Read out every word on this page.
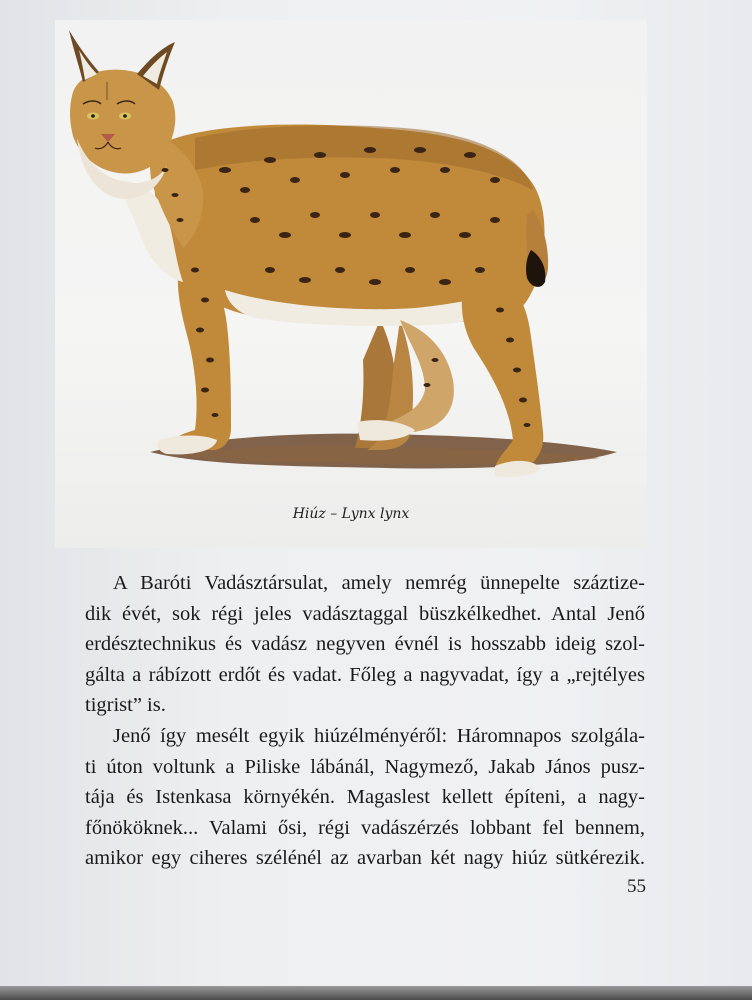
Hiúz – Lynx lynx
A Baróti Vadásztársulat, amely nemrég ünnepelte száztize-
dik évét, sok régi jeles vadásztaggal büszkélkedhet. Antal Jenő
erdésztechnikus és vadász negyven évnél is hosszabb ideig szol-
gálta a rábízott erdőt és vadat. Főleg a nagyvadat, így a „rejtélyes
tigrist” is.
Jenő így mesélt egyik hiúzélményéről: Háromnapos szolgála-
ti úton voltunk a Piliske lábánál, Nagymező, Jakab János pusz-
tája és Istenkasa környékén. Magaslest kellett építeni, a nagy-
főnököknek... Valami ősi, régi vadászérzés lobbant fel bennem,
amikor egy ciheres szélénél az avarban két nagy hiúz sütkérezik.
55
